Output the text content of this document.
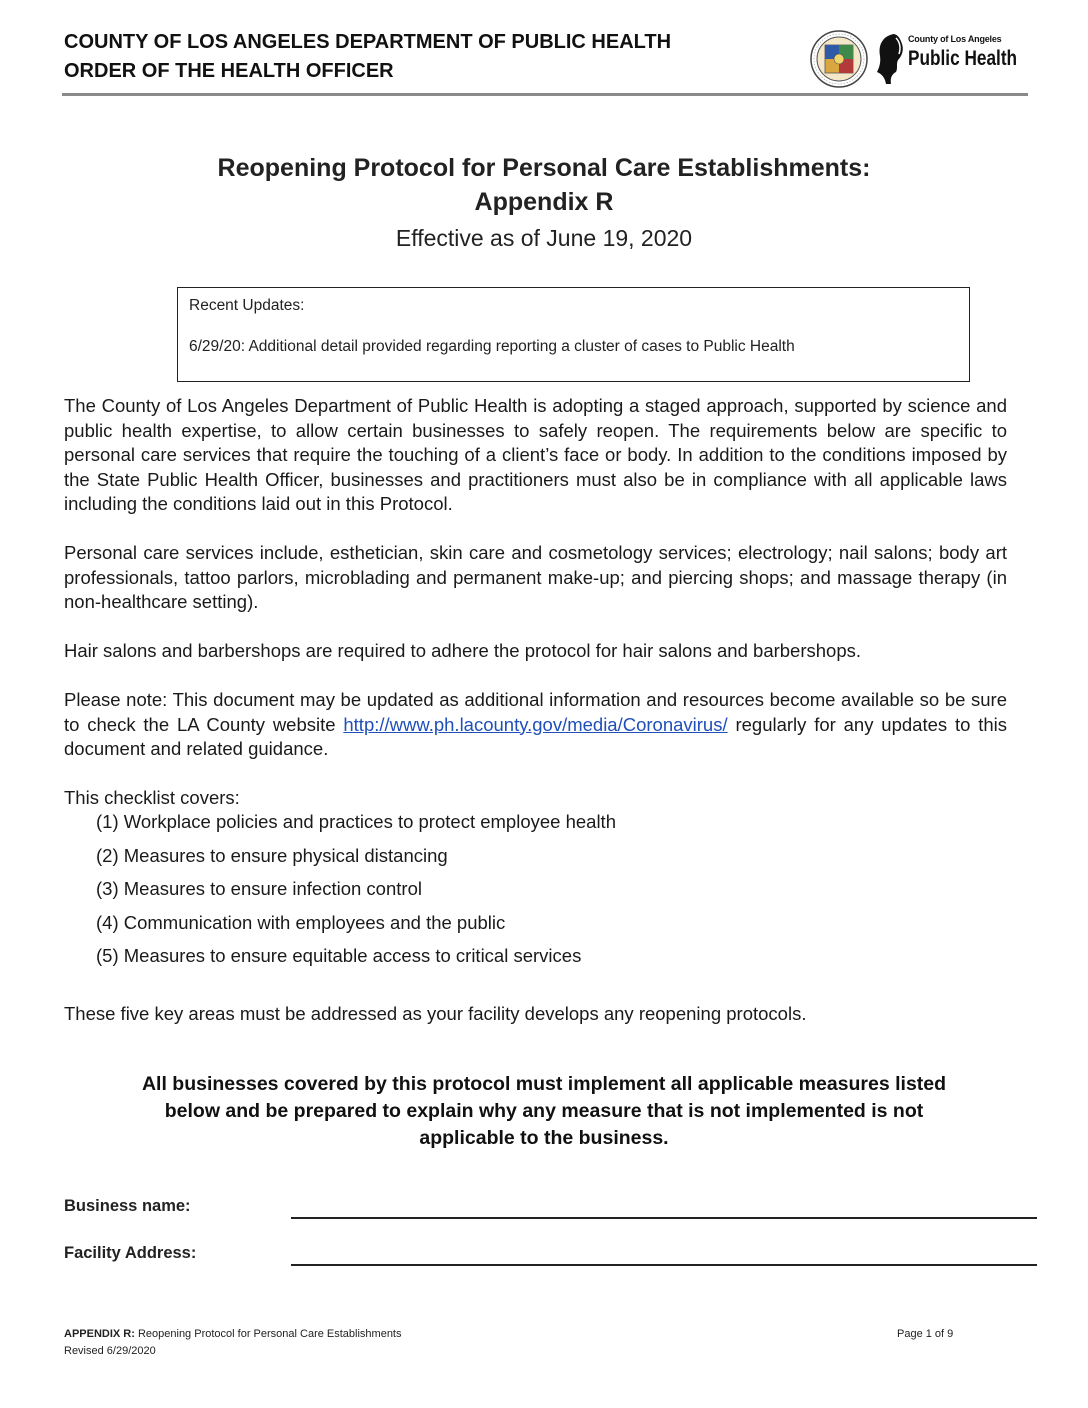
COUNTY OF LOS ANGELES DEPARTMENT OF PUBLIC HEALTH
ORDER OF THE HEALTH OFFICER
County of Los Angeles
Public Health
Reopening Protocol for Personal Care Establishments:
Appendix R
Effective as of June 19, 2020
Recent Updates:
6/29/20: Additional detail provided regarding reporting a cluster of cases to Public Health
The County of Los Angeles Department of Public Health is adopting a staged approach, supported by science and public health expertise, to allow certain businesses to safely reopen. The requirements below are specific to personal care services that require the touching of a client’s face or body. In addition to the conditions imposed by the State Public Health Officer, businesses and practitioners must also be in compliance with all applicable laws including the conditions laid out in this Protocol.
Personal care services include, esthetician, skin care and cosmetology services; electrology; nail salons; body art professionals, tattoo parlors, microblading and permanent make-up; and piercing shops; and massage therapy (in non-healthcare setting).
Hair salons and barbershops are required to adhere the protocol for hair salons and barbershops.
Please note: This document may be updated as additional information and resources become available so be sure to check the LA County website http://www.ph.lacounty.gov/media/Coronavirus/ regularly for any updates to this document and related guidance.
This checklist covers:
(1) Workplace policies and practices to protect employee health
(2) Measures to ensure physical distancing
(3) Measures to ensure infection control
(4) Communication with employees and the public
(5) Measures to ensure equitable access to critical services
These five key areas must be addressed as your facility develops any reopening protocols.
All businesses covered by this protocol must implement all applicable measures listed
below and be prepared to explain why any measure that is not implemented is not
applicable to the business.
Business name:
Facility Address:
APPENDIX R: Reopening Protocol for Personal Care Establishments
Revised 6/29/2020
Page 1 of 9
